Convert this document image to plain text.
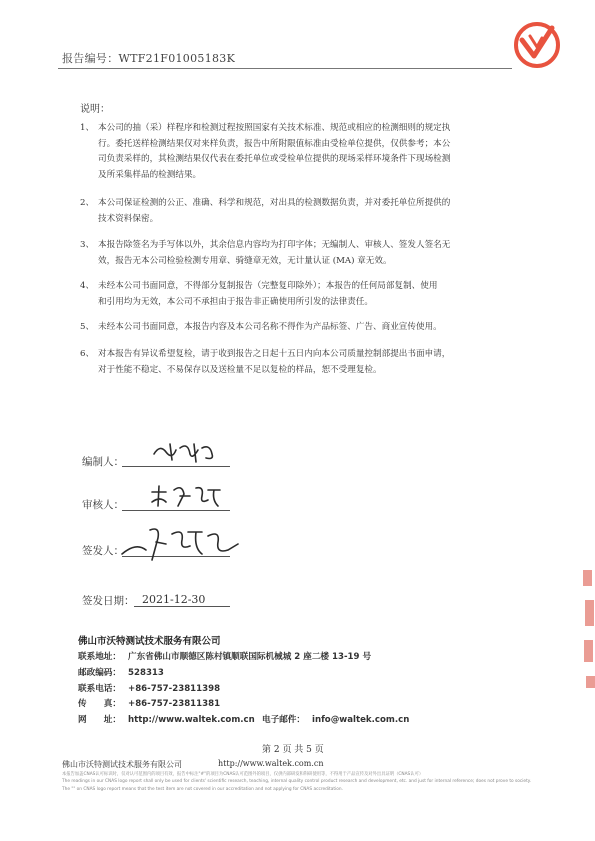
报告编号：WTF21F01005183K
说明：
1、 本公司的抽（采）样程序和检测过程按照国家有关技术标准、规范或相应的检测细则的规定执
行。委托送样检测结果仅对来样负责，报告中所附限值标准由受检单位提供，仅供参考；本公
司负责采样的，其检测结果仅代表在委托单位或受检单位提供的现场采样环境条件下现场检测
及所采集样品的检测结果。
2、 本公司保证检测的公正、准确、科学和规范，对出具的检测数据负责，并对委托单位所提供的
技术资料保密。
3、 本报告除签名为手写体以外，其余信息内容均为打印字体；无编制人、审核人、签发人签名无
效，报告无本公司检验检测专用章、骑缝章无效，无计量认证 (MA) 章无效。
4、 未经本公司书面同意，不得部分复制报告（完整复印除外）；本报告的任何局部复制、使用
和引用均为无效，本公司不承担由于报告非正确使用所引发的法律责任。
5、 未经本公司书面同意，本报告内容及本公司名称不得作为产品标签、广告、商业宣传使用。
6、 对本报告有异议希望复检，请于收到报告之日起十五日内向本公司质量控制部提出书面申请，
对于性能不稳定、不易保存以及送检量不足以复检的样品，恕不受理复检。
编制人：
审核人：
签发人：
签发日期： 2021-12-30
佛山市沃特测试技术服务有限公司
联系地址： 广东省佛山市顺德区陈村镇顺联国际机械城 2 座二楼 13-19 号
邮政编码： 528313
联系电话： +86-757-23811398
传　　真： +86-757-23811381
网　　址： http://www.waltek.com.cn 电子邮件： info@waltek.com.cn
第 2 页 共 5 页
佛山市沃特测试技术服务有限公司	http://www.waltek.com.cn
本报告加盖CNAS认可标识时，仅对认可范围内的项目有效，报告中标注"#"的项目为CNAS认可范围外的项目，仅供内部研发和科研使用等，不得用于产品宣传及对外出具证明（CNAS认可）
The readings in our CNAS logo report shall only be used for clients' scientific research, teaching, internal quality control product research and development, etc. and just for internal reference; does not prove to society.
The "" on CNAS logo report means that the test item are not covered in our accreditation and not applying for CNAS accreditation.
